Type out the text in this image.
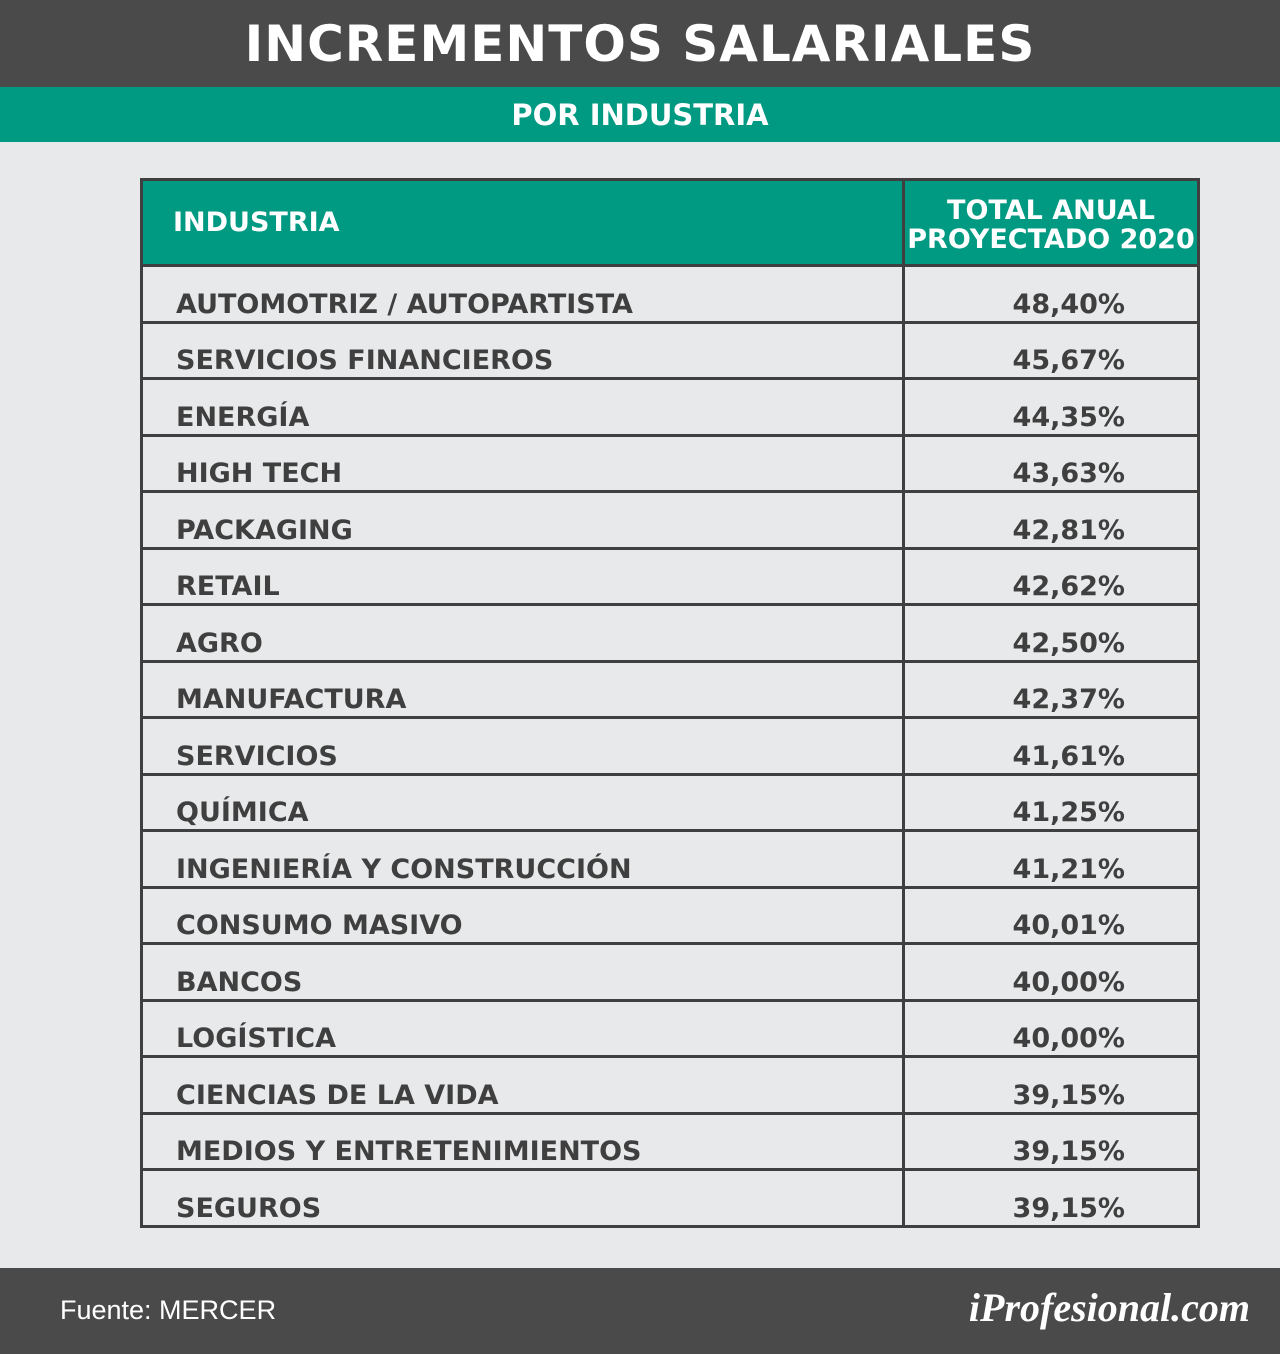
INCREMENTOS SALARIALES
POR INDUSTRIA
INDUSTRIA	TOTAL ANUAL
PROYECTADO 2020

AUTOMOTRIZ / AUTOPARTISTA	48,40%
SERVICIOS FINANCIEROS	45,67%
ENERGÍA	44,35%
HIGH TECH	43,63%
PACKAGING	42,81%
RETAIL	42,62%
AGRO	42,50%
MANUFACTURA	42,37%
SERVICIOS	41,61%
QUÍMICA	41,25%
INGENIERÍA Y CONSTRUCCIÓN	41,21%
CONSUMO MASIVO	40,01%
BANCOS	40,00%
LOGÍSTICA	40,00%
CIENCIAS DE LA VIDA	39,15%
MEDIOS Y ENTRETENIMIENTOS	39,15%
SEGUROS	39,15%
Fuente: MERCER	iProfesional.com
